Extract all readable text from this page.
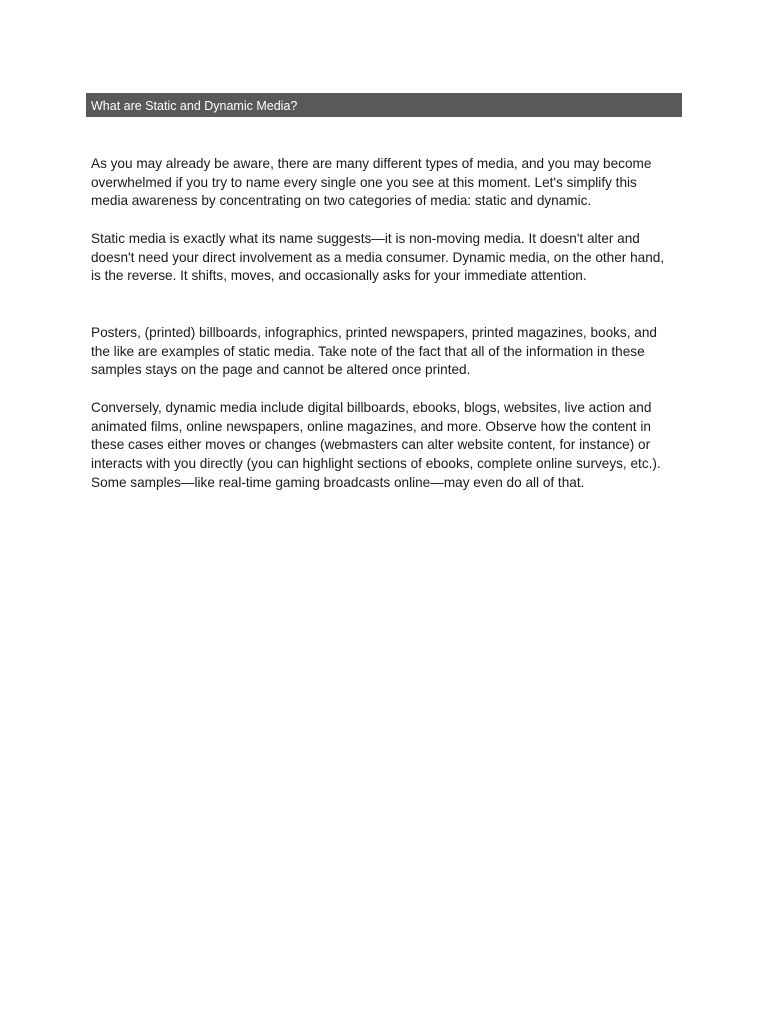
What are Static and Dynamic Media?

As you may already be aware, there are many different types of media, and you may become
overwhelmed if you try to name every single one you see at this moment. Let's simplify this
media awareness by concentrating on two categories of media: static and dynamic.

Static media is exactly what its name suggests—it is non-moving media. It doesn't alter and
doesn't need your direct involvement as a media consumer. Dynamic media, on the other hand,
is the reverse. It shifts, moves, and occasionally asks for your immediate attention.

Posters, (printed) billboards, infographics, printed newspapers, printed magazines, books, and
the like are examples of static media. Take note of the fact that all of the information in these
samples stays on the page and cannot be altered once printed.

Conversely, dynamic media include digital billboards, ebooks, blogs, websites, live action and
animated films, online newspapers, online magazines, and more. Observe how the content in
these cases either moves or changes (webmasters can alter website content, for instance) or
interacts with you directly (you can highlight sections of ebooks, complete online surveys, etc.).
Some samples—like real-time gaming broadcasts online—may even do all of that.
